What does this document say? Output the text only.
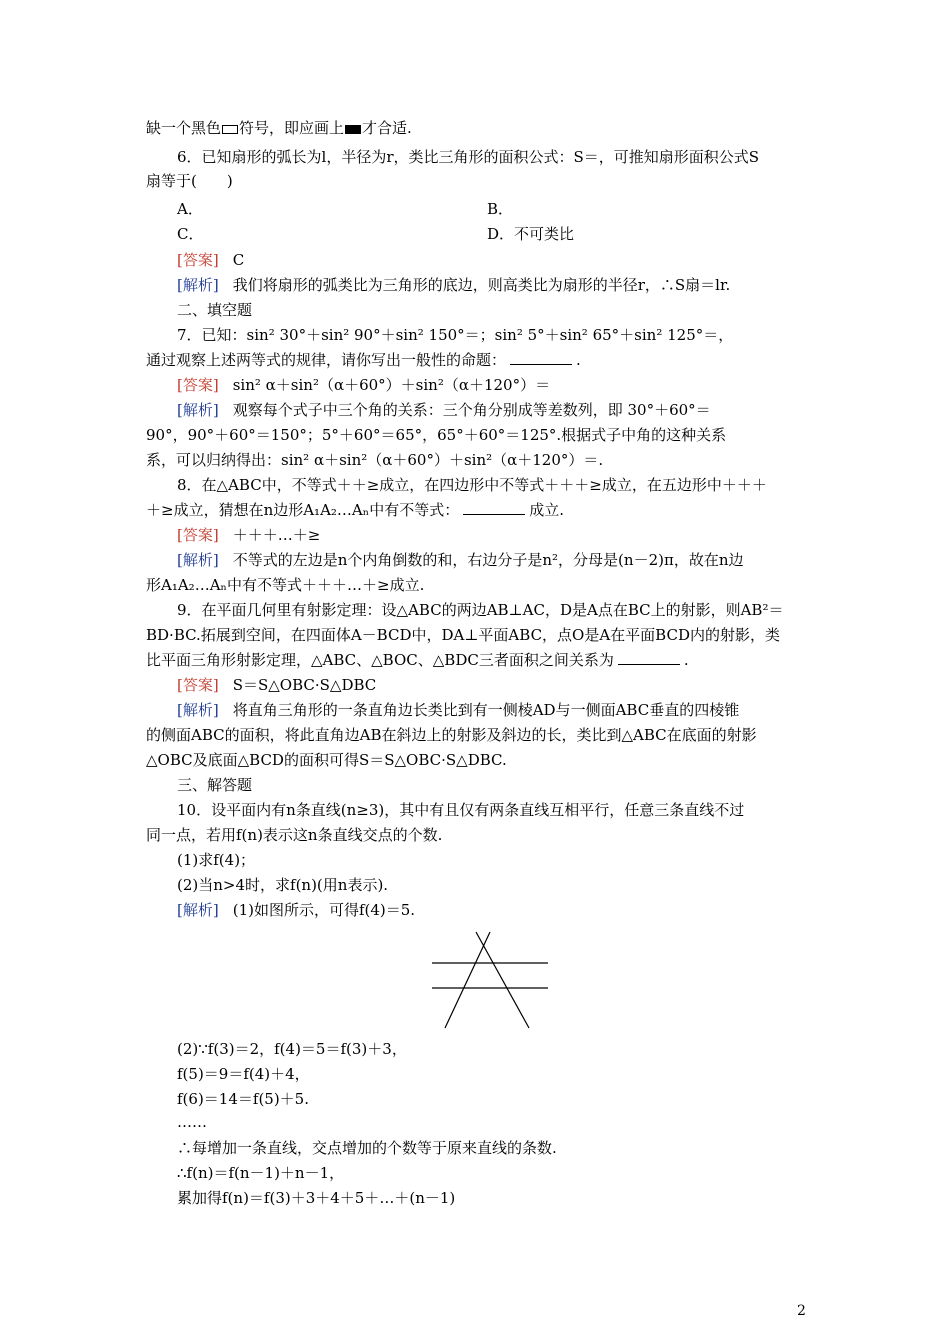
缺一个黑色 符号，即应画上 才合适.
6．已知扇形的弧长为l，半径为r，类比三角形的面积公式：S＝，可推知扇形面积公式S
扇等于(　　)
A．	B．
C．	D．不可类比
[答案] C
[解析] 我们将扇形的弧类比为三角形的底边，则高类比为扇形的半径r，∴S扇＝lr.
二、填空题
7．已知：sin² 30°＋sin² 90°＋sin² 150°＝；sin² 5°＋sin² 65°＋sin² 125°＝，
通过观察上述两等式的规律，请你写出一般性的命题：	.
[答案] sin² α＋sin²（α＋60°）＋sin²（α＋120°）＝
[解析] 观察每个式子中三个角的关系：三个角分别成等差数列，即 30°＋60°＝
90°，90°＋60°＝150°；5°＋60°＝65°，65°＋60°＝125°.根据式子中角的这种关系
系，可以归纳得出：sin² α＋sin²（α＋60°）＋sin²（α＋120°）＝.
8．在△ABC中，不等式＋＋≥成立，在四边形中不等式＋＋＋≥成立，在五边形中＋＋＋
＋≥成立，猜想在n边形A₁A₂…Aₙ中有不等式：	成立.
[答案] ＋＋＋…＋≥
[解析] 不等式的左边是n个内角倒数的和，右边分子是n²，分母是(n－2)π，故在n边
形A₁A₂…Aₙ中有不等式＋＋＋…＋≥成立.
9．在平面几何里有射影定理：设△ABC的两边AB⊥AC，D是A点在BC上的射影，则AB²＝
BD·BC.拓展到空间，在四面体A－BCD中，DA⊥平面ABC，点O是A在平面BCD内的射影，类
比平面三角形射影定理，△ABC、△BOC、△BDC三者面积之间关系为	.
[答案] S＝S△OBC·S△DBC
[解析] 将直角三角形的一条直角边长类比到有一侧棱AD与一侧面ABC垂直的四棱锥
的侧面ABC的面积，将此直角边AB在斜边上的射影及斜边的长，类比到△ABC在底面的射影
△OBC及底面△BCD的面积可得S＝S△OBC·S△DBC.
三、解答题
10．设平面内有n条直线(n≥3)，其中有且仅有两条直线互相平行，任意三条直线不过
同一点，若用f(n)表示这n条直线交点的个数.
(1)求f(4)；
(2)当n>4时，求f(n)(用n表示).
[解析] (1)如图所示，可得f(4)＝5.
(2)∵f(3)＝2，f(4)＝5＝f(3)＋3，
f(5)＝9＝f(4)＋4，
f(6)＝14＝f(5)＋5.
……
∴每增加一条直线，交点增加的个数等于原来直线的条数.
∴f(n)＝f(n－1)＋n－1，
累加得f(n)＝f(3)＋3＋4＋5＋…＋(n－1)
2
